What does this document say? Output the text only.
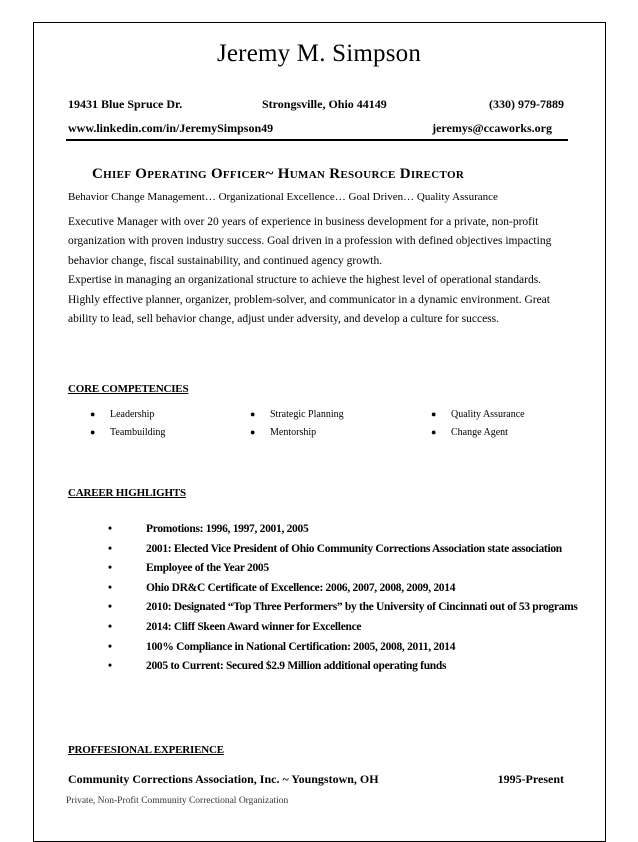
Jeremy M. Simpson
19431 Blue Spruce Dr.	Strongsville, Ohio 44149	(330) 979-7889
www.linkedin.com/in/JeremySimpson49	jeremys@ccaworks.org
Chief Operating Officer~ Human Resource Director
Behavior Change Management… Organizational Excellence… Goal Driven… Quality Assurance

Executive Manager with over 20 years of experience in business development for a private, non-profit organization with proven industry success. Goal driven in a profession with defined objectives impacting behavior change, fiscal sustainability, and continued agency growth.

Expertise in managing an organizational structure to achieve the highest level of operational standards. Highly effective planner, organizer, problem-solver, and communicator in a dynamic environment. Great ability to lead, sell behavior change, adjust under adversity, and develop a culture for success.

CORE COMPETENCIES
● Leadership	● Strategic Planning	● Quality Assurance
● Teambuilding	● Mentorship	● Change Agent
CAREER HIGHLIGHTS
•	Promotions: 1996, 1997, 2001, 2005
•	2001: Elected Vice President of Ohio Community Corrections Association state association
•	Employee of the Year 2005
•	Ohio DR&C Certificate of Excellence: 2006, 2007, 2008, 2009, 2014
•	2010: Designated “Top Three Performers” by the University of Cincinnati out of 53 programs
•	2014: Cliff Skeen Award winner for Excellence
•	100% Compliance in National Certification: 2005, 2008, 2011, 2014
•	2005 to Current: Secured $2.9 Million additional operating funds
PROFFESIONAL EXPERIENCE
Community Corrections Association, Inc. ~ Youngstown, OH	1995-Present
Private, Non-Profit Community Correctional Organization
